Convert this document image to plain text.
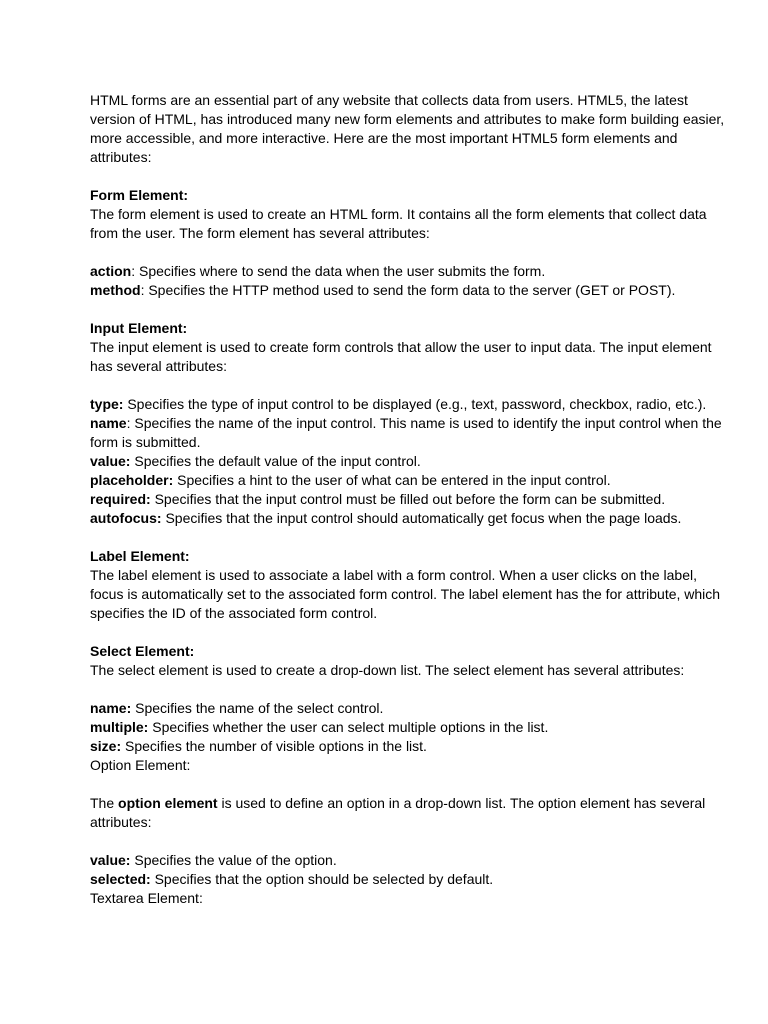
HTML forms are an essential part of any website that collects data from users. HTML5, the latest version of HTML, has introduced many new form elements and attributes to make form building easier, more accessible, and more interactive. Here are the most important HTML5 form elements and attributes:

Form Element:

The form element is used to create an HTML form. It contains all the form elements that collect data from the user. The form element has several attributes:

action: Specifies where to send the data when the user submits the form.

method: Specifies the HTTP method used to send the form data to the server (GET or POST).

Input Element:

The input element is used to create form controls that allow the user to input data. The input element has several attributes:

type: Specifies the type of input control to be displayed (e.g., text, password, checkbox, radio, etc.).

name: Specifies the name of the input control. This name is used to identify the input control when the form is submitted.

value: Specifies the default value of the input control.

placeholder: Specifies a hint to the user of what can be entered in the input control.

required: Specifies that the input control must be filled out before the form can be submitted.

autofocus: Specifies that the input control should automatically get focus when the page loads.

Label Element:

The label element is used to associate a label with a form control. When a user clicks on the label, focus is automatically set to the associated form control. The label element has the for attribute, which specifies the ID of the associated form control.

Select Element:

The select element is used to create a drop-down list. The select element has several attributes:

name: Specifies the name of the select control.

multiple: Specifies whether the user can select multiple options in the list.

size: Specifies the number of visible options in the list.

Option Element:

The option element is used to define an option in a drop-down list. The option element has several attributes:

value: Specifies the value of the option.

selected: Specifies that the option should be selected by default.

Textarea Element:
